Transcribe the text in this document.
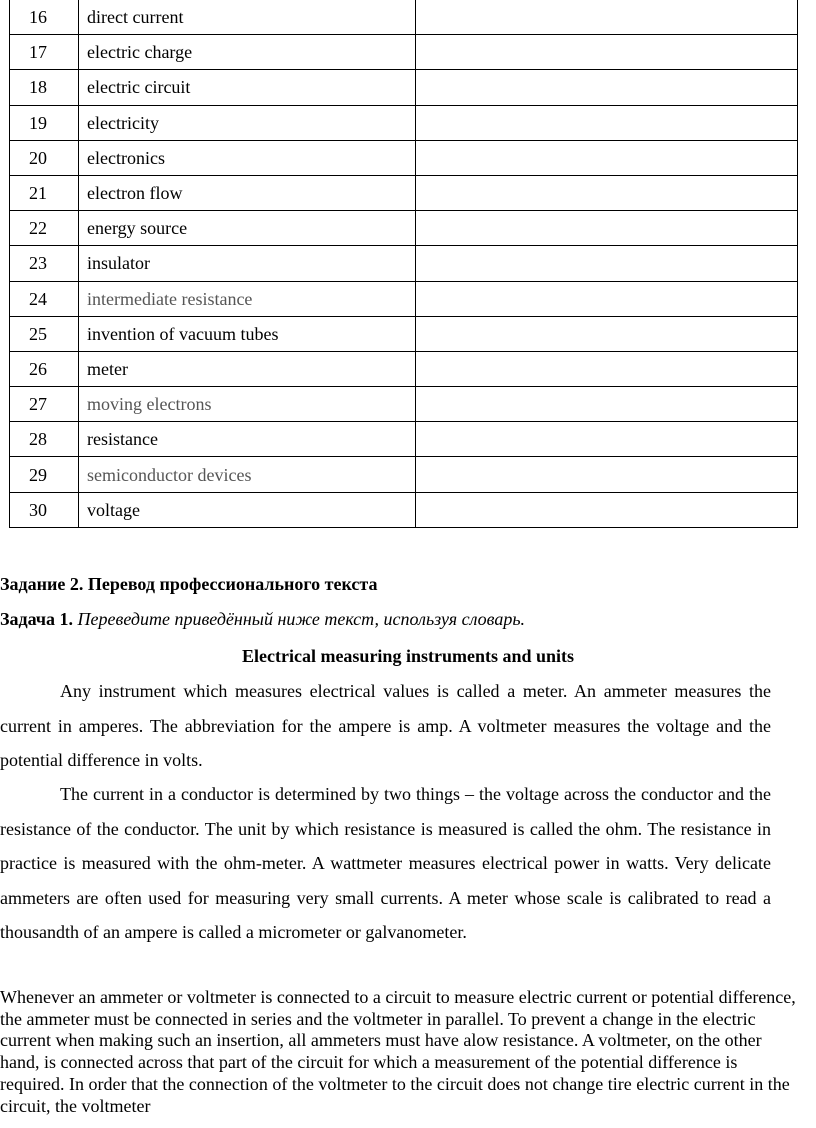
16	direct current	
17	electric charge	
18	electric circuit	
19	electricity	
20	electronics	
21	electron flow	
22	energy source	
23	insulator	
24	intermediate resistance	
25	invention of vacuum tubes	
26	meter	
27	moving electrons	
28	resistance	
29	semiconductor devices	
30	voltage	
Задание 2. Перевод профессионального текста
Задача 1. Переведите приведённый ниже текст, используя словарь.
Electrical measuring instruments and units
Any instrument which measures electrical values is called a meter. An ammeter measures the current in amperes. The abbreviation for the ampere is amp. A voltmeter measures the voltage and the potential difference in volts.
The current in a conductor is determined by two things – the voltage across the conductor and the resistance of the conductor. The unit by which resistance is measured is called the ohm. The resistance in practice is measured with the ohm-meter. A wattmeter measures electrical power in watts. Very delicate ammeters are often used for measuring very small currents. A meter whose scale is calibrated to read a thousandth of an ampere is called a micrometer or galvanometer.
Whenever an ammeter or voltmeter is connected to a circuit to measure electric current or potential difference, the ammeter must be connected in series and the voltmeter in parallel. To prevent a change in the electric current when making such an insertion, all ammeters must have alow resistance. A voltmeter, on the other hand, is connected across that part of the circuit for which a measurement of the potential difference is required. In order that the connection of the voltmeter to the circuit does not change tire electric current in the circuit, the voltmeter
